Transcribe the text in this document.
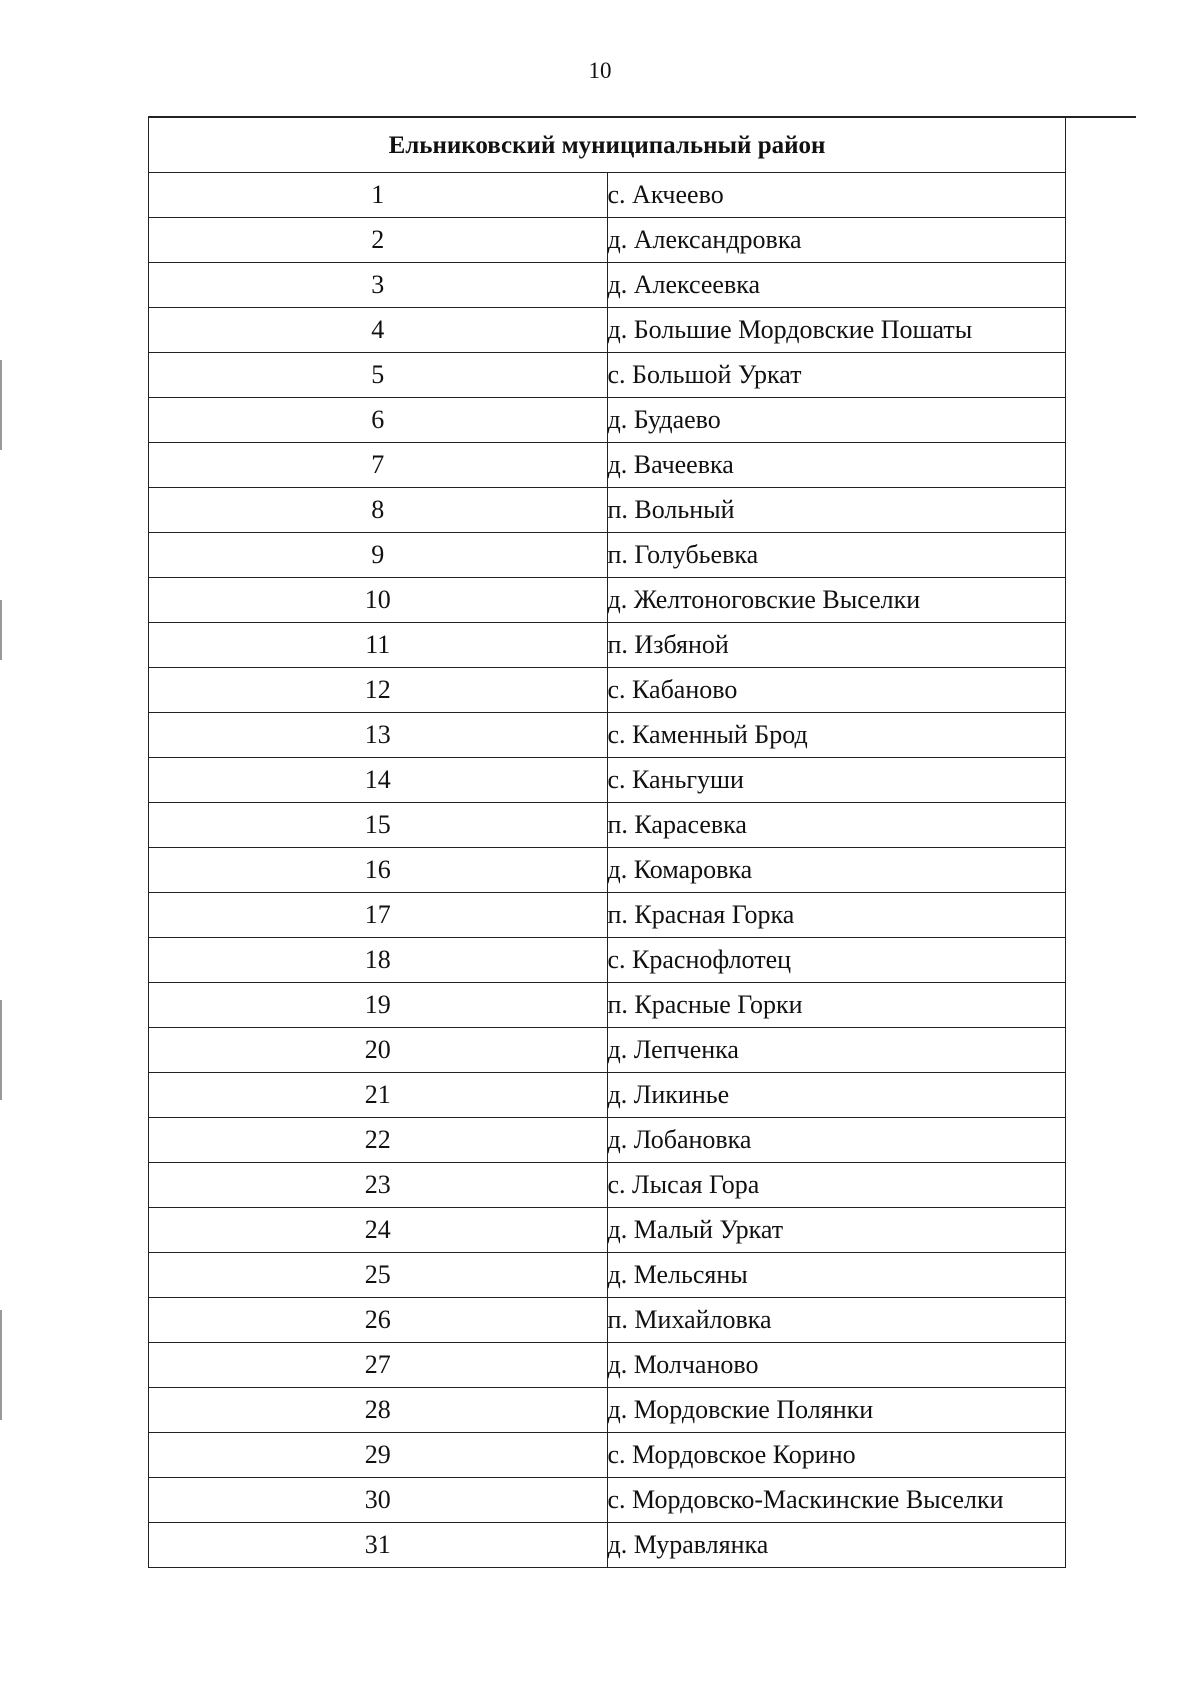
10
Ельниковский муниципальный район	
1	с. Акчеево
2	д. Александровка
3	д. Алексеевка
4	д. Большие Мордовские Пошаты
5	с. Большой Уркат
6	д. Будаево
7	д. Вачеевка
8	п. Вольный
9	п. Голубьевка
10	д. Желтоноговские Выселки
11	п. Избяной
12	с. Кабаново
13	с. Каменный Брод
14	с. Каньгуши
15	п. Карасевка
16	д. Комаровка
17	п. Красная Горка
18	с. Краснофлотец
19	п. Красные Горки
20	д. Лепченка
21	д. Ликинье
22	д. Лобановка
23	с. Лысая Гора
24	д. Малый Уркат
25	д. Мельсяны
26	п. Михайловка
27	д. Молчаново
28	д. Мордовские Полянки
29	с. Мордовское Корино
30	с. Мордовско-Маскинские Выселки
31	д. Муравлянка
